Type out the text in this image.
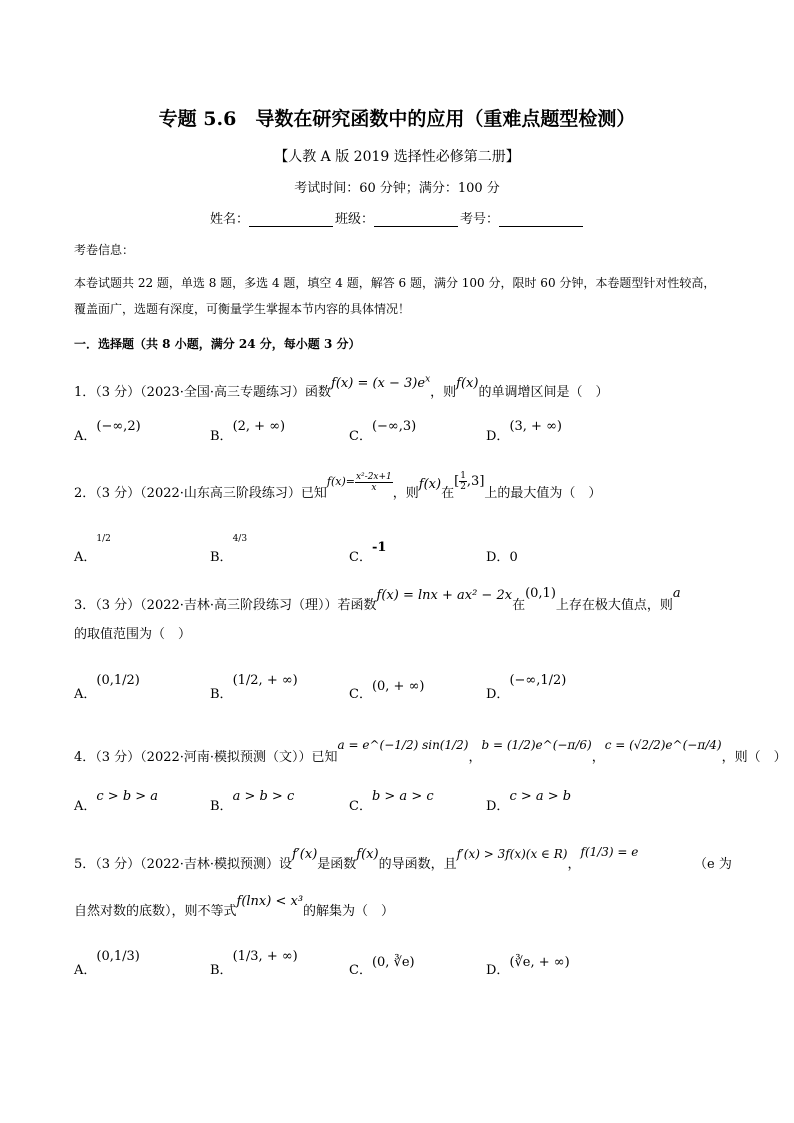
专题 5.6　导数在研究函数中的应用（重难点题型检测）
【人教 A 版 2019 选择性必修第二册】
考试时间：60 分钟；满分：100 分
姓名：	班级：	考号：
考卷信息：
本卷试题共 22 题，单选 8 题，多选 4 题，填空 4 题，解答 6 题，满分 100 分，限时 60 分钟，本卷题型针对性较高，覆盖面广，选题有深度，可衡量学生掌握本节内容的具体情况！
一．选择题（共 8 小题，满分 24 分，每小题 3 分）
1．（3 分）（2023·全国·高三专题练习）函数$f(x) = (x - 3)e^x$，则f(x)的单调增区间是（　）
A．(−∞,2)
B．(2, + ∞)
C．(−∞,3)
D．(3, + ∞)
2．（3 分）（2022·山东高三阶段练习）已知$^{f(x)= \frac{\text{x²-2x+1}}{x}}$
，则f(x)在[ $\frac{1}{2} ,3$]上的最大值为（　）
A．$^{1/2}$
B．$^{4/3}$
C．-1
D．0
3．（3 分）（2022·吉林·高三阶段练习（理））若函数f(x) = lnx + ax² − 2x在(0,1)上存在极大值点，则a
的取值范围为（　）
A．(0,1/2)
B．(1/2, + ∞)
C．(0, + ∞)
D．(−∞,1/2)
4．（3 分）（2022·河南·模拟预测（文））已知a = e^(−1/2) sin(1/2)，b = (1/2)e^(−π/6)，c = (√2/2)e^(−π/4)，则（　）
A．c > b > a
B．a > b > c
C．b > a > c
D．c > a > b
5．（3 分）（2022·吉林·模拟预测）设f′(x)是函数f(x)的导函数，且f′(x) > 3f(x)(x ∈ R)，f(1/3) = e
（e 为
自然对数的底数），则不等式f(lnx) < x³的解集为（　）
A．(0,1/3)
B．(1/3, + ∞)
C．(0, ∛e)
D．(∛e, + ∞)
